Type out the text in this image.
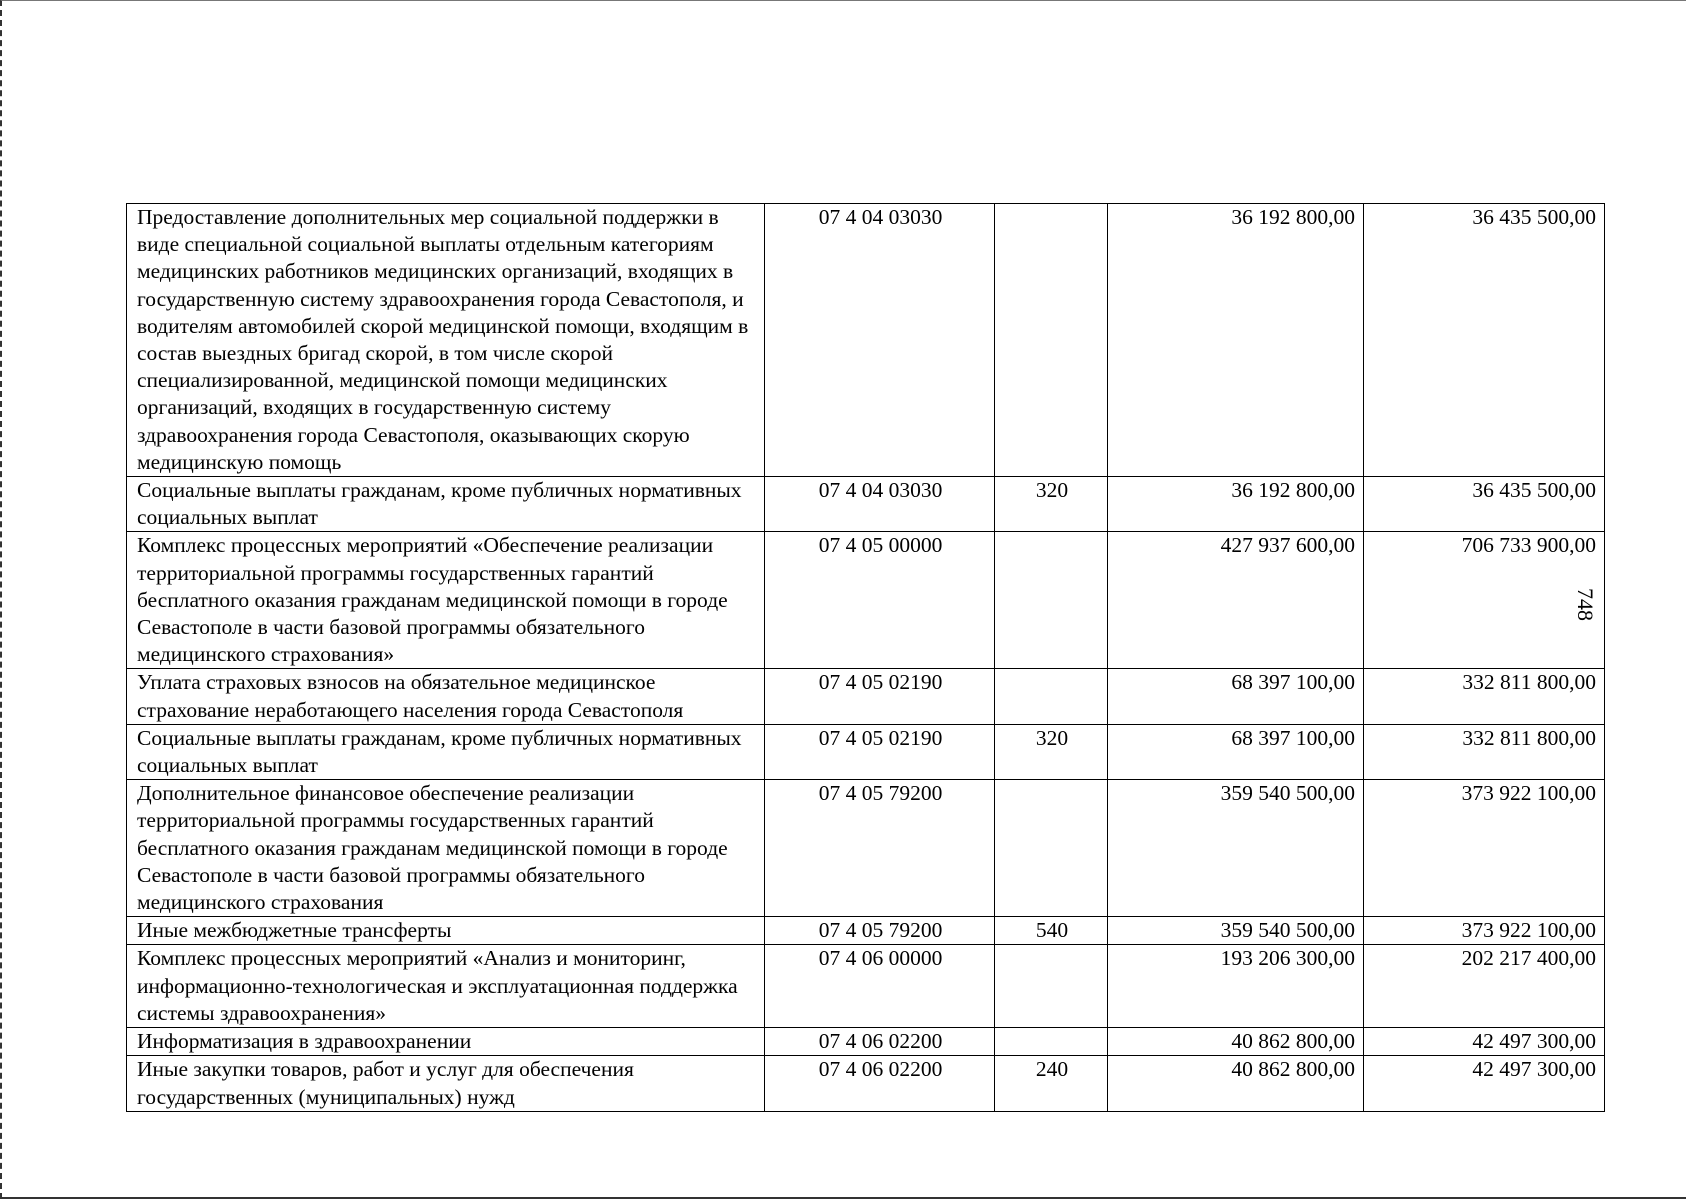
748
Предоставление дополнительных мер социальной поддержки в виде специальной социальной выплаты отдельным категориям медицинских работников медицинских организаций, входящих в государственную систему здравоохранения города Севастополя, и водителям автомобилей скорой медицинской помощи, входящим в состав выездных бригад скорой, в том числе скорой специализированной, медицинской помощи медицинских организаций, входящих в государственную систему здравоохранения города Севастополя, оказывающих скорую медицинскую помощь	07 4 04 03030		36 192 800,00	36 435 500,00
Социальные выплаты гражданам, кроме публичных нормативных социальных выплат	07 4 04 03030	320	36 192 800,00	36 435 500,00
Комплекс процессных мероприятий «Обеспечение реализации территориальной программы государственных гарантий бесплатного оказания гражданам медицинской помощи в городе Севастополе в части базовой программы обязательного медицинского страхования»	07 4 05 00000		427 937 600,00	706 733 900,00
Уплата страховых взносов на обязательное медицинское страхование неработающего населения города Севастополя	07 4 05 02190		68 397 100,00	332 811 800,00
Социальные выплаты гражданам, кроме публичных нормативных социальных выплат	07 4 05 02190	320	68 397 100,00	332 811 800,00
Дополнительное финансовое обеспечение реализации территориальной программы государственных гарантий бесплатного оказания гражданам медицинской помощи в городе Севастополе в части базовой программы обязательного медицинского страхования	07 4 05 79200		359 540 500,00	373 922 100,00
Иные межбюджетные трансферты	07 4 05 79200	540	359 540 500,00	373 922 100,00
Комплекс процессных мероприятий «Анализ и мониторинг, информационно-технологическая и эксплуатационная поддержка системы здравоохранения»	07 4 06 00000		193 206 300,00	202 217 400,00
Информатизация в здравоохранении	07 4 06 02200		40 862 800,00	42 497 300,00
Иные закупки товаров, работ и услуг для обеспечения государственных (муниципальных) нужд	07 4 06 02200	240	40 862 800,00	42 497 300,00
